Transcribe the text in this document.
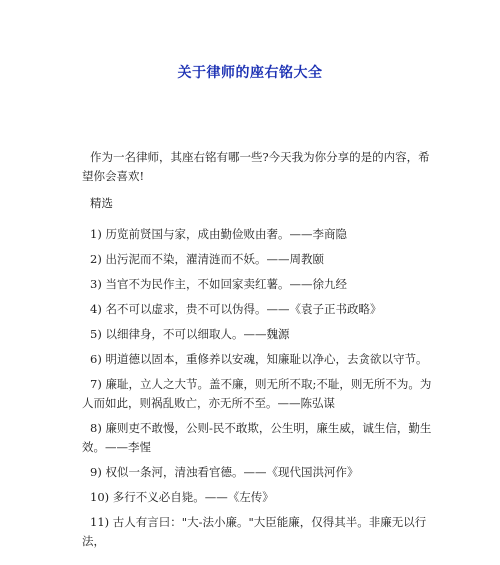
关于律师的座右铭大全

作为一名律师，其座右铭有哪一些?今天我为你分享的是的内容，希望你会喜欢!

精选

1) 历览前贤国与家，成由勤俭败由奢。——李商隐

2) 出污泥而不染，濯清涟而不妖。——周教颐

3) 当官不为民作主，不如回家卖红薯。——徐九经

4) 名不可以虚求，贵不可以伪得。——《袁子正书政略》

5) 以细律身，不可以细取人。——魏源

6) 明道德以固本，重修养以安魂，知廉耻以净心，去贪欲以守节。

7) 廉耻，立人之大节。盖不廉，则无所不取;不耻，则无所不为。为人而如此，则祸乱败亡，亦无所不至。——陈弘谋

8) 廉则吏不敢慢，公则-民不敢欺，公生明，廉生威，诚生信，勤生效。——李惺

9) 权似一条河，清浊看官德。——《现代国洪河作》

10) 多行不义必自毙。——《左传》

11) 古人有言曰："大-法小廉。"大臣能廉，仅得其半。非廉无以行法，
